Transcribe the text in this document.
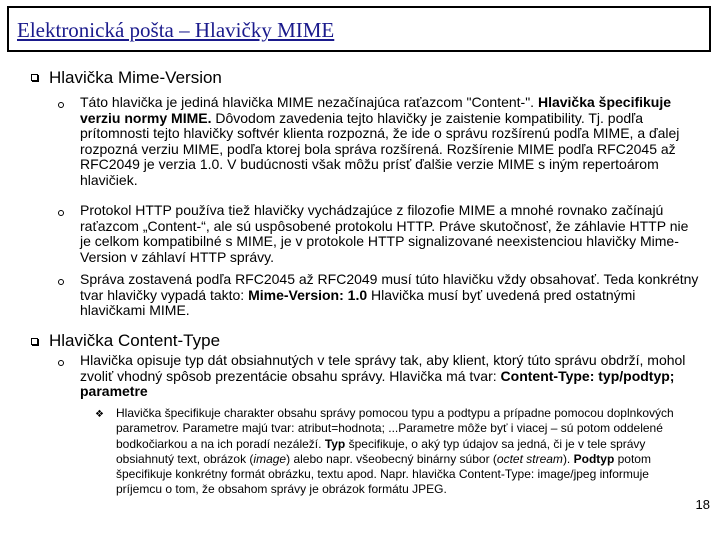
Elektronická pošta – Hlavičky MIME
Hlavička Mime-Version
Táto hlavička je jediná hlavička MIME nezačínajúca raťazcom "Content-". Hlavička špecifikuje verziu normy MIME. Dôvodom zavedenia tejto hlavičky je zaistenie kompatibility. Tj. podľa prítomnosti tejto hlavičky softvér klienta rozpozná, že ide o správu rozšírenú podľa MIME, a ďalej rozpozná verziu MIME, podľa ktorej bola správa rozšírená. Rozšírenie MIME podľa RFC2045 až RFC2049 je verzia 1.0. V budúcnosti však môžu prísť ďalšie verzie MIME s iným repertoárom hlavičiek.
Protokol HTTP používa tiež hlavičky vychádzajúce z filozofie MIME a mnohé rovnako začínajú raťazcom „Content-“, ale sú uspôsobené protokolu HTTP. Práve skutočnosť, že záhlavie HTTP nie je celkom kompatibilné s MIME, je v protokole HTTP signalizované neexistenciou hlavičky Mime-Version v záhlaví HTTP správy.
Správa zostavená podľa RFC2045 až RFC2049 musí túto hlavičku vždy obsahovať. Teda konkrétny tvar hlavičky vypadá takto: Mime-Version: 1.0 Hlavička musí byť uvedená pred ostatnými hlavičkami MIME.
Hlavička Content-Type
Hlavička opisuje typ dát obsiahnutých v tele správy tak, aby klient, ktorý túto správu obdrží, mohol zvoliť vhodný spôsob prezentácie obsahu správy. Hlavička má tvar: Content-Type: typ/podtyp; parametre
❖ Hlavička špecifikuje charakter obsahu správy pomocou typu a podtypu a prípadne pomocou doplnkových parametrov. Parametre majú tvar: atribut=hodnota; ...Parametre môže byť i viacej – sú potom oddelené bodkočiarkou a na ich poradí nezáleží. Typ špecifikuje, o aký typ údajov sa jedná, či je v tele správy obsiahnutý text, obrázok (image) alebo napr. všeobecný binárny súbor (octet stream). Podtyp potom špecifikuje konkrétny formát obrázku, textu apod. Napr. hlavička Content-Type: image/jpeg informuje príjemcu o tom, že obsahom správy je obrázok formátu JPEG.
18
